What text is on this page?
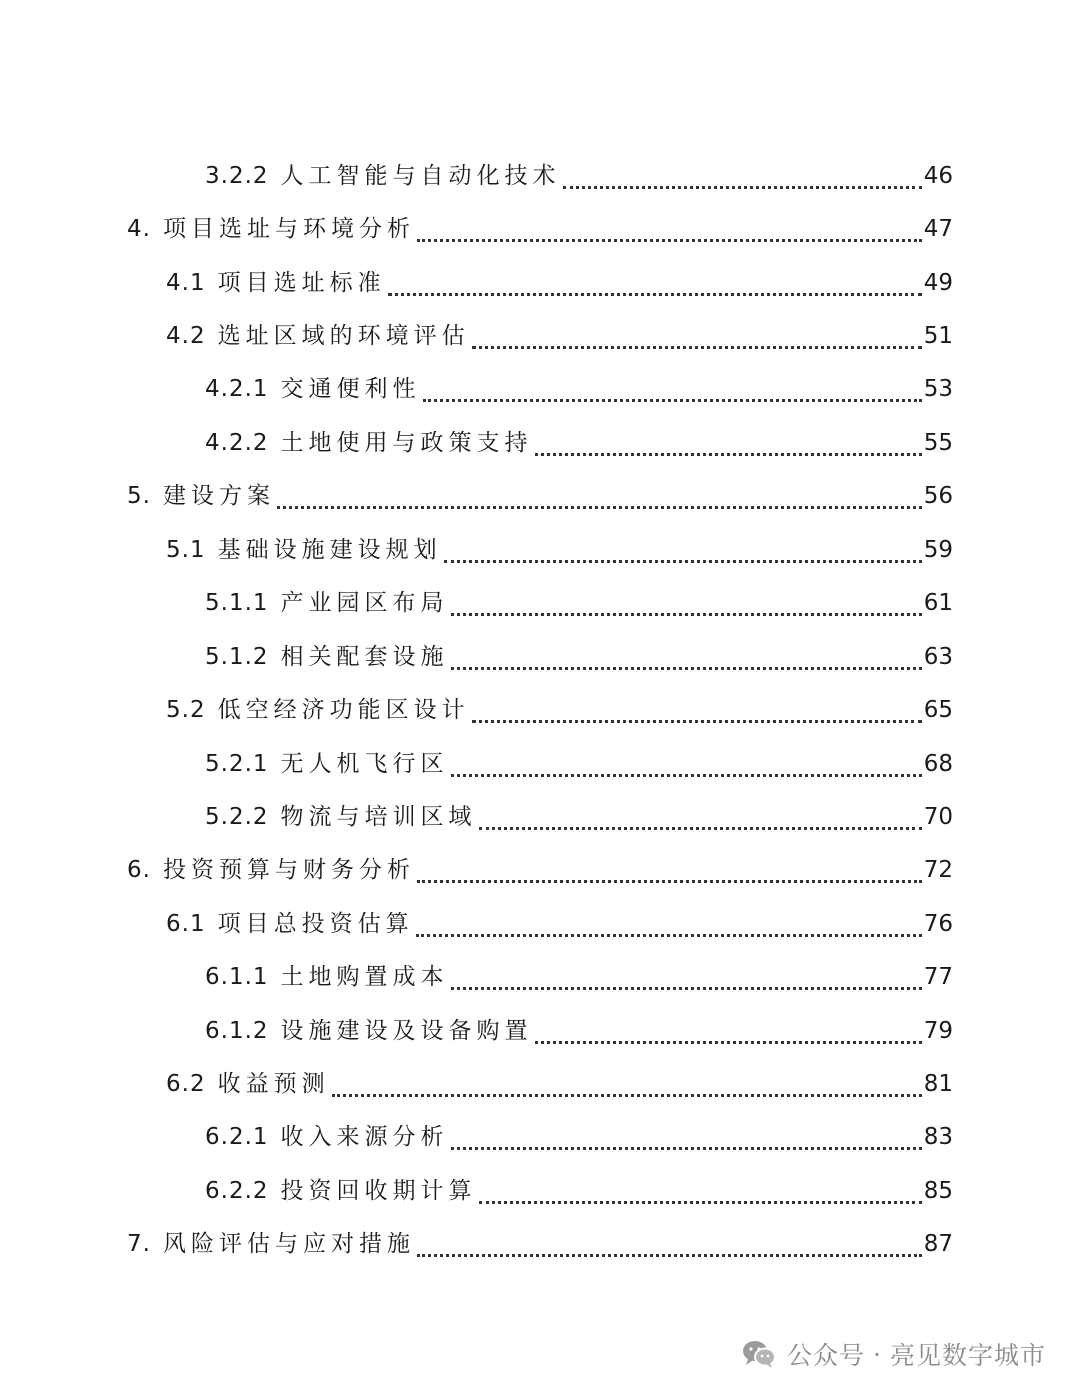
3.2.2 人工智能与自动化技术	46
4. 项目选址与环境分析	47
4.1 项目选址标准	49
4.2 选址区域的环境评估	51
4.2.1 交通便利性	53
4.2.2 土地使用与政策支持	55
5. 建设方案	56
5.1 基础设施建设规划	59
5.1.1 产业园区布局	61
5.1.2 相关配套设施	63
5.2 低空经济功能区设计	65
5.2.1 无人机飞行区	68
5.2.2 物流与培训区域	70
6. 投资预算与财务分析	72
6.1 项目总投资估算	76
6.1.1 土地购置成本	77
6.1.2 设施建设及设备购置	79
6.2 收益预测	81
6.2.1 收入来源分析	83
6.2.2 投资回收期计算	85
7. 风险评估与应对措施	87
公众号 · 亮见数字城市
